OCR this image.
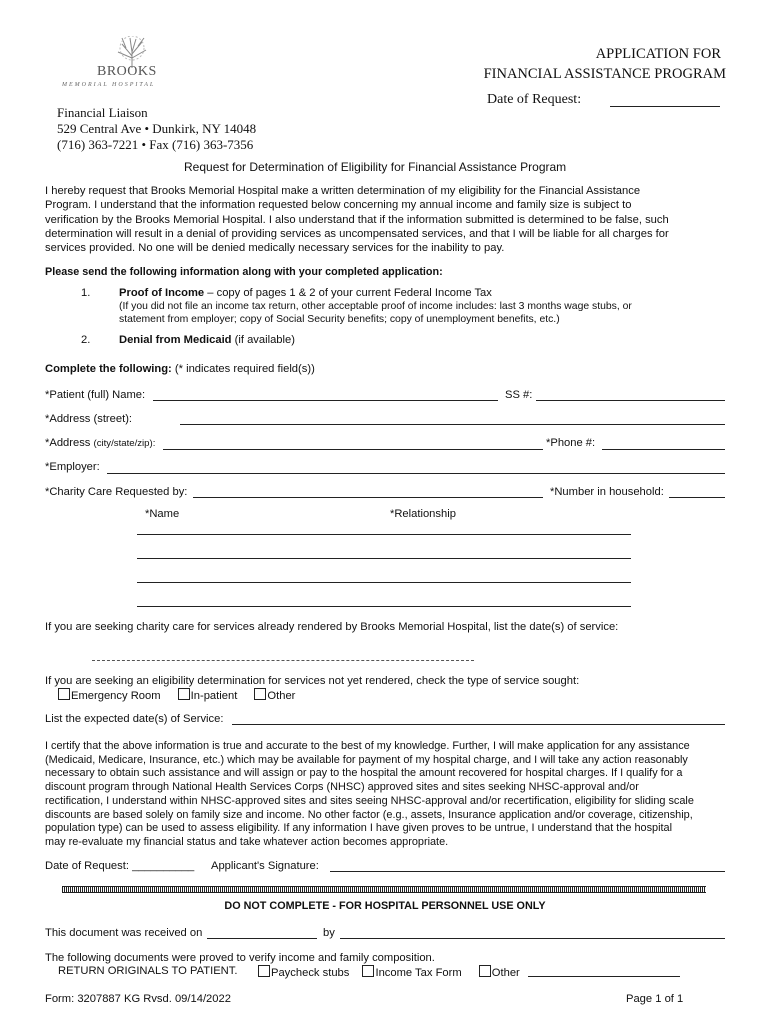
BROOKS
MEMORIAL HOSPITAL
APPLICATION FOR
FINANCIAL ASSISTANCE PROGRAM
Date of Request:
Financial Liaison
529 Central Ave • Dunkirk, NY 14048
(716) 363-7221 • Fax (716) 363-7356
Request for Determination of Eligibility for Financial Assistance Program
I hereby request that Brooks Memorial Hospital make a written determination of my eligibility for the Financial Assistance
Program. I understand that the information requested below concerning my annual income and family size is subject to
verification by the Brooks Memorial Hospital. I also understand that if the information submitted is determined to be false, such
determination will result in a denial of providing services as uncompensated services, and that I will be liable for all charges for
services provided. No one will be denied medically necessary services for the inability to pay.
Please send the following information along with your completed application:
1.	Proof of Income – copy of pages 1 & 2 of your current Federal Income Tax
(If you did not file an income tax return, other acceptable proof of income includes: last 3 months wage stubs, or
statement from employer; copy of Social Security benefits; copy of unemployment benefits, etc.)
2.	Denial from Medicaid (if available)
Complete the following: (* indicates required field(s))
*Patient (full) Name:	SS #:
*Address (street):
*Address (city/state/zip):	*Phone #:
*Employer:
*Charity Care Requested by:	*Number in household:
*Name	*Relationship
If you are seeking charity care for services already rendered by Brooks Memorial Hospital, list the date(s) of service:
If you are seeking an eligibility determination for services not yet rendered, check the type of service sought:
Emergency Room	In-patient	Other
List the expected date(s) of Service:
I certify that the above information is true and accurate to the best of my knowledge. Further, I will make application for any assistance
(Medicaid, Medicare, Insurance, etc.) which may be available for payment of my hospital charge, and I will take any action reasonably
necessary to obtain such assistance and will assign or pay to the hospital the amount recovered for hospital charges. If I qualify for a
discount program through National Health Services Corps (NHSC) approved sites and sites seeking NHSC-approval and/or
rectification, I understand within NHSC-approved sites and sites seeing NHSC-approval and/or recertification, eligibility for sliding scale
discounts are based solely on family size and income. No other factor (e.g., assets, Insurance application and/or coverage, citizenship,
population type) can be used to assess eligibility. If any information I have given proves to be untrue, I understand that the hospital
may re-evaluate my financial status and take whatever action becomes appropriate.
Date of Request: __________ Applicant's Signature:
DO NOT COMPLETE - FOR HOSPITAL PERSONNEL USE ONLY
This document was received on	by
The following documents were proved to verify income and family composition.
RETURN ORIGINALS TO PATIENT.	Paycheck stubs Income Tax Form	Other
Form: 3207887 KG Rvsd. 09/14/2022	Page 1 of 1
